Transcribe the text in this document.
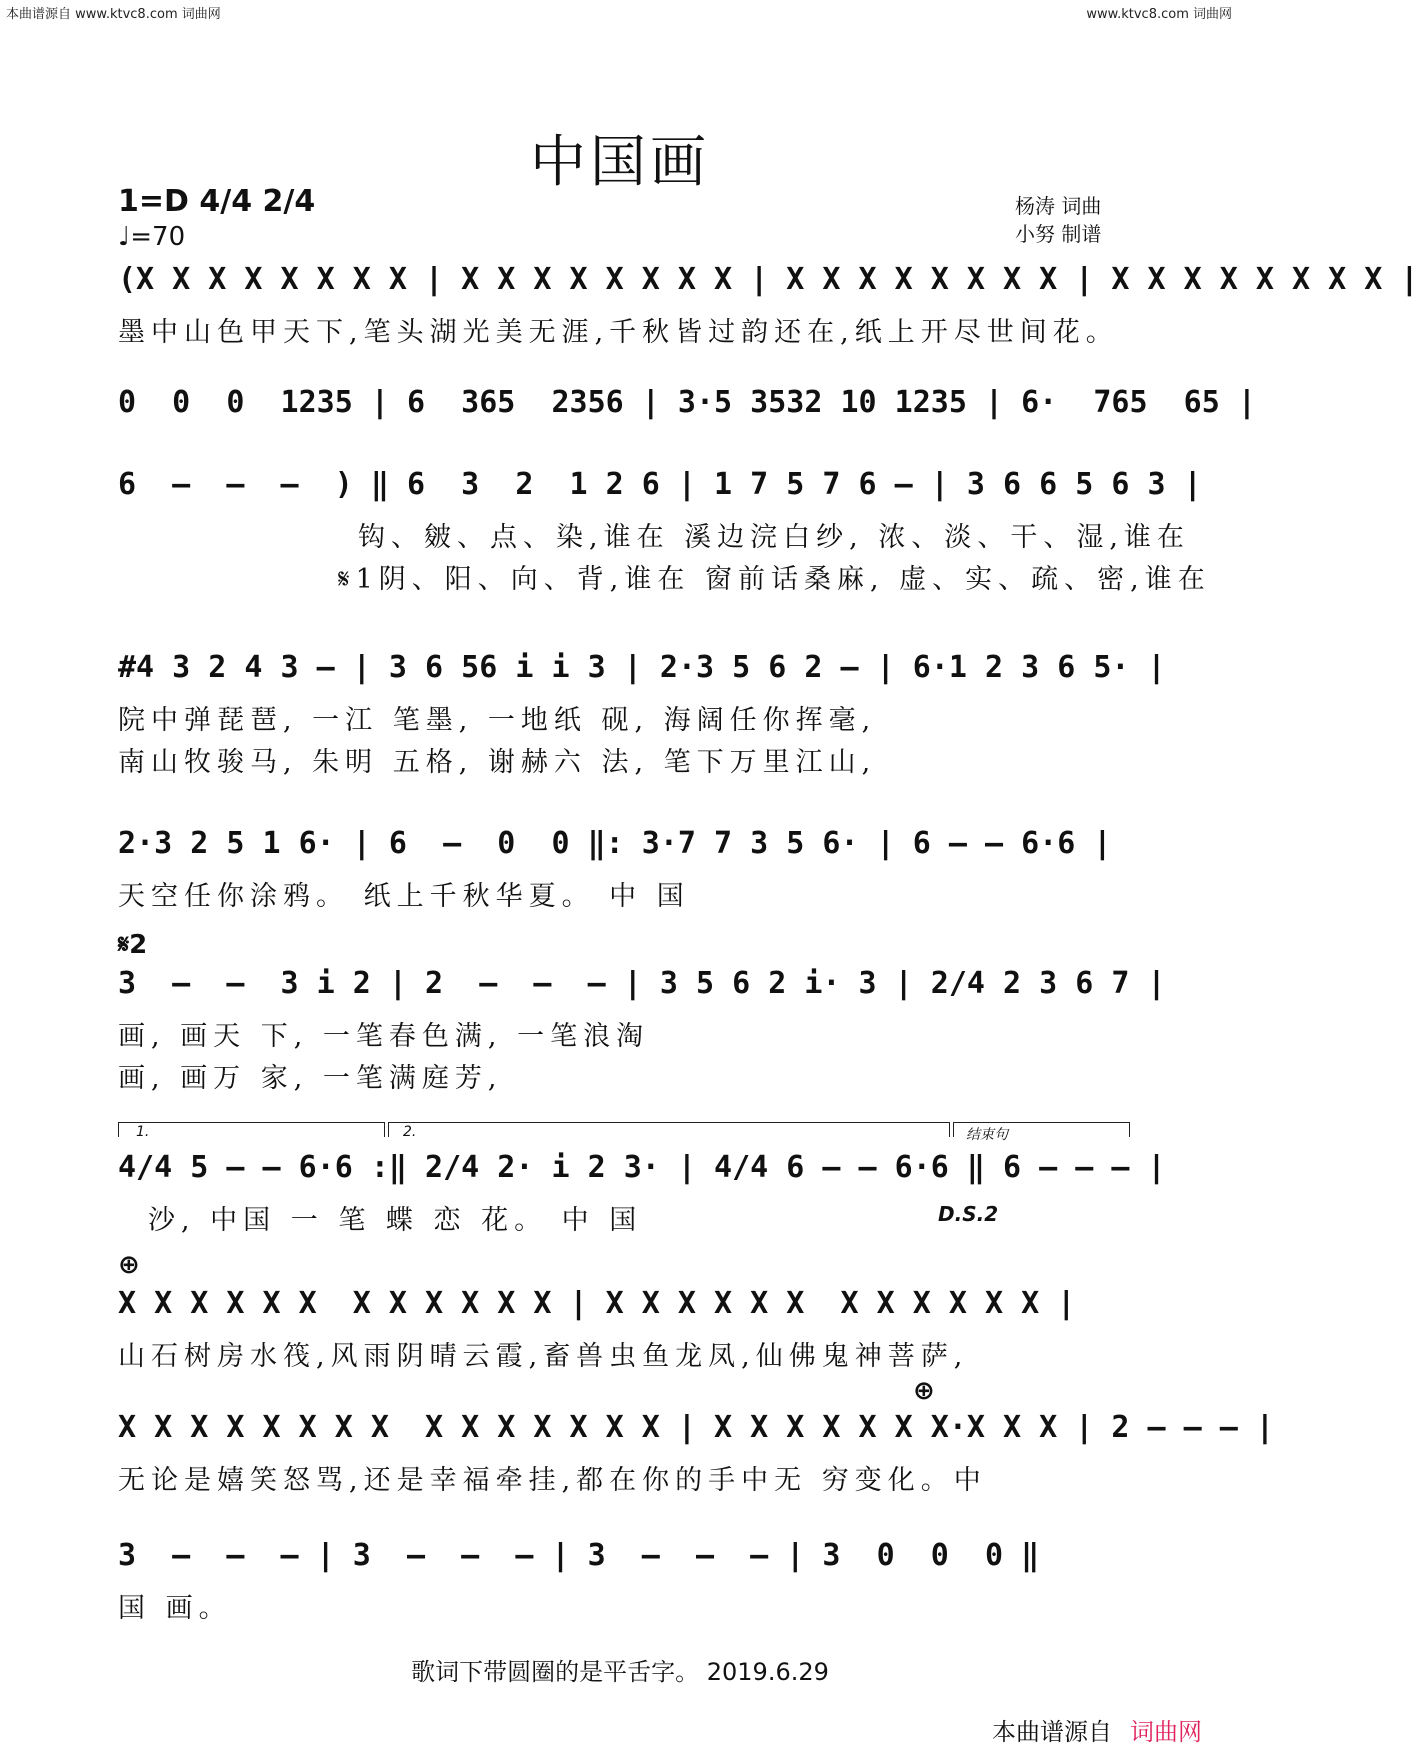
本曲谱源自 www.ktvc8.com 词曲网	www.ktvc8.com 词曲网
中国画
1=D 4/4 2/4
♩=70
杨涛 词曲
小努 制谱
(X X X X X X X X | X X X X X X X X | X X X X X X X X | X X X X X X X X |
墨中山色甲天下,笔头湖光美无涯,千秋皆过韵还在,纸上开尽世间花。
0  0  0  1235 | 6  365  2356 | 3·5 3532 10 1235 | 6·  765  65 |
6  –  –  –  ) ‖ 6  3  2  1 2 6 | 1 7 5 7 6 – | 3 6 6 5 6 3 |
钩、皴、点、染,谁在 溪边浣白纱, 浓、淡、干、湿,谁在
𝄋1阴、阳、向、背,谁在 窗前话桑麻, 虚、实、疏、密,谁在
#4 3 2 4 3 – | 3 6 56 i i 3 | 2·3 5 6 2 – | 6·1 2 3 6 5· |
院中弹琵琶, 一江 笔墨, 一地纸 砚, 海阔任你挥毫,
南山牧骏马, 朱明 五格, 谢赫六 法, 笔下万里江山,
2·3 2 5 1 6· | 6  –  0  0 ‖: 3·7 7 3 5 6· | 6 – – 6·6 |
天空任你涂鸦。 纸上千秋华夏。 中 国
𝄋2
3  –  –  3 i 2 | 2  –  –  – | 3 5 6 2 i· 3 | 2/4 2 3 6 7 |
画, 画天 下, 一笔春色满, 一笔浪淘
画, 画万 家, 一笔满庭芳,
1.	2.	结束句
4/4 5 – – 6·6 :‖ 2/4 2· i 2 3· | 4/4 6 – – 6·6 ‖ 6 – – – |
沙, 中国 一 笔 蝶 恋 花。 中 国	D.S.2
⊕
X X X X X X  X X X X X X | X X X X X X  X X X X X X |
山石树房水筏,风雨阴晴云霞,畜兽虫鱼龙凤,仙佛鬼神菩萨,
⊕
X X X X X X X X  X X X X X X X | X X X X X X X·X X X | 2 – – – |
无论是嬉笑怒骂,还是幸福牵挂,都在你的手中无 穷变化。中
3  –  –  – | 3  –  –  – | 3  –  –  – | 3  0  0  0 ‖
国 画。
歌词下带圆圈的是平舌字。 2019.6.29
本曲谱源自 词曲网
